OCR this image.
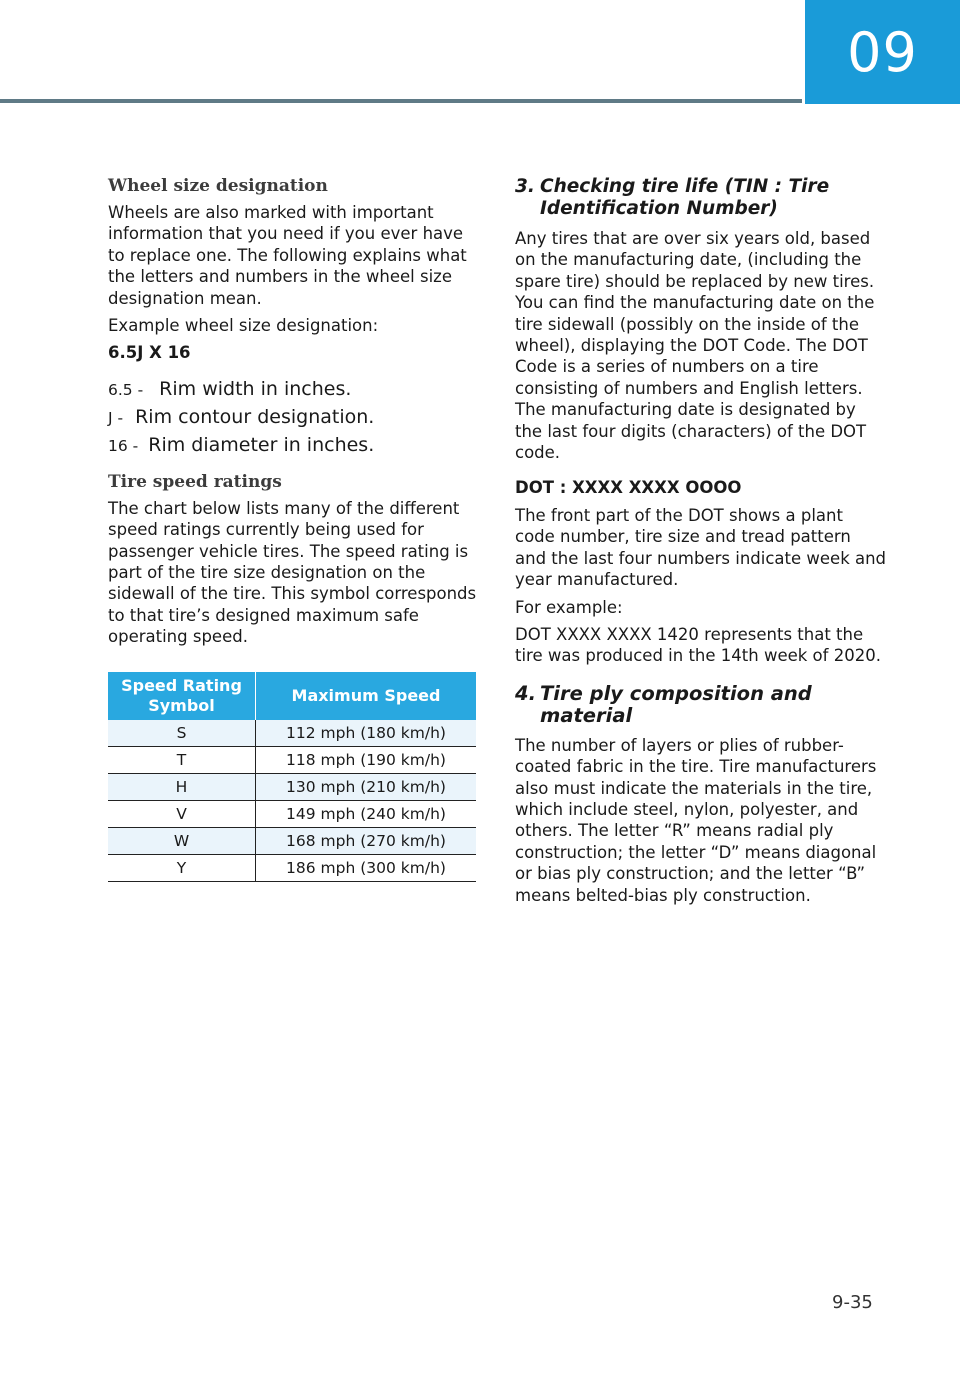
09
Wheel size designation

Wheels are also marked with important information that you need if you ever have to replace one. The following explains what the letters and numbers in the wheel size designation mean.

Example wheel size designation:

6.5J X 16

6.5 - Rim width in inches.
J - Rim contour designation.
16 - Rim diameter in inches.
Tire speed ratings

The chart below lists many of the different speed ratings currently being used for passenger vehicle tires. The speed rating is part of the tire size designation on the sidewall of the tire. This symbol corresponds to that tire’s designed maximum safe operating speed.

Speed Rating Symbol	Maximum Speed
S	112 mph (180 km/h)
T	118 mph (190 km/h)
H	130 mph (210 km/h)
V	149 mph (240 km/h)
W	168 mph (270 km/h)
Y	186 mph (300 km/h)
3. Checking tire life (TIN : Tire Identification Number)

Any tires that are over six years old, based on the manufacturing date, (including the spare tire) should be replaced by new tires. You can find the manufacturing date on the tire sidewall (possibly on the inside of the wheel), displaying the DOT Code. The DOT Code is a series of numbers on a tire consisting of numbers and English letters. The manufacturing date is designated by the last four digits (characters) of the DOT code.

DOT : XXXX XXXX OOOO

The front part of the DOT shows a plant code number, tire size and tread pattern and the last four numbers indicate week and year manufactured.

For example:

DOT XXXX XXXX 1420 represents that the tire was produced in the 14th week of 2020.

4. Tire ply composition and material

The number of layers or plies of rubber-coated fabric in the tire. Tire manufacturers also must indicate the materials in the tire, which include steel, nylon, polyester, and others. The letter “R” means radial ply construction; the letter “D” means diagonal or bias ply construction; and the letter “B” means belted-bias ply construction.

9-35
